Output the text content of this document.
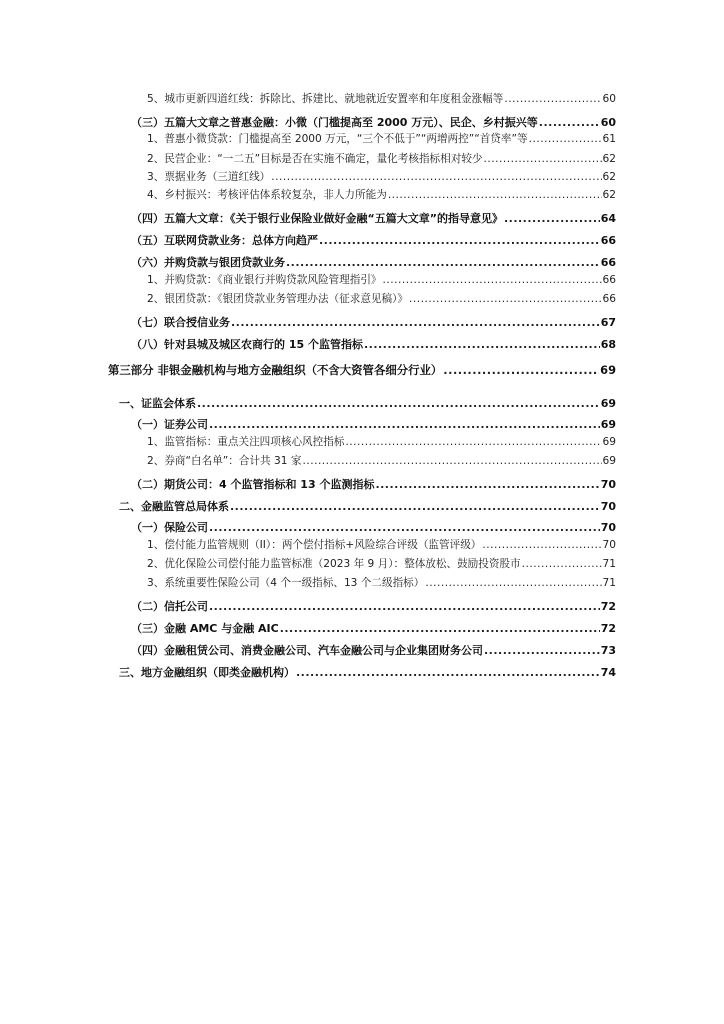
5、城市更新四道红线：拆除比、拆建比、就地就近安置率和年度租金涨幅等 .....	60
（三）五篇大文章之普惠金融：小微（门槛提高至 2000 万元）、民企、乡村振兴等 .....	60
1、普惠小微贷款：门槛提高至 2000 万元，“三个不低于”“两增两控”“首贷率”等 .....	61
2、民营企业：“一二五”目标是否在实施不确定，量化考核指标相对较少 .....	62
3、票据业务（三道红线） .....	62
4、乡村振兴：考核评估体系较复杂，非人力所能为 .....	62
（四）五篇大文章：《关于银行业保险业做好金融“五篇大文章”的指导意见》 .....	64
（五）互联网贷款业务：总体方向趋严 .....	66
（六）并购贷款与银团贷款业务 .....	66
1、并购贷款：《商业银行并购贷款风险管理指引》 .....	66
2、银团贷款：《银团贷款业务管理办法（征求意见稿）》 .....	66
（七）联合授信业务 .....	67
（八）针对县城及城区农商行的 15 个监管指标 .....	68
第三部分 非银金融机构与地方金融组织（不含大资管各细分行业） .....	69
一、证监会体系 .....	69
（一）证券公司 .....	69
1、监管指标：重点关注四项核心风控指标 .....	69
2、券商“白名单”：合计共 31 家 .....	69
（二）期货公司：4 个监管指标和 13 个监测指标 .....	70
二、金融监管总局体系 .....	70
（一）保险公司 .....	70
1、偿付能力监管规则（II）：两个偿付指标+风险综合评级（监管评级） .....	70
2、优化保险公司偿付能力监管标准（2023 年 9 月）：整体放松、鼓励投资股市 .....	71
3、系统重要性保险公司（4 个一级指标、13 个二级指标） .....	71
（二）信托公司 .....	72
（三）金融 AMC 与金融 AIC .....	72
（四）金融租赁公司、消费金融公司、汽车金融公司与企业集团财务公司 .....	73
三、地方金融组织（即类金融机构） .....	74
